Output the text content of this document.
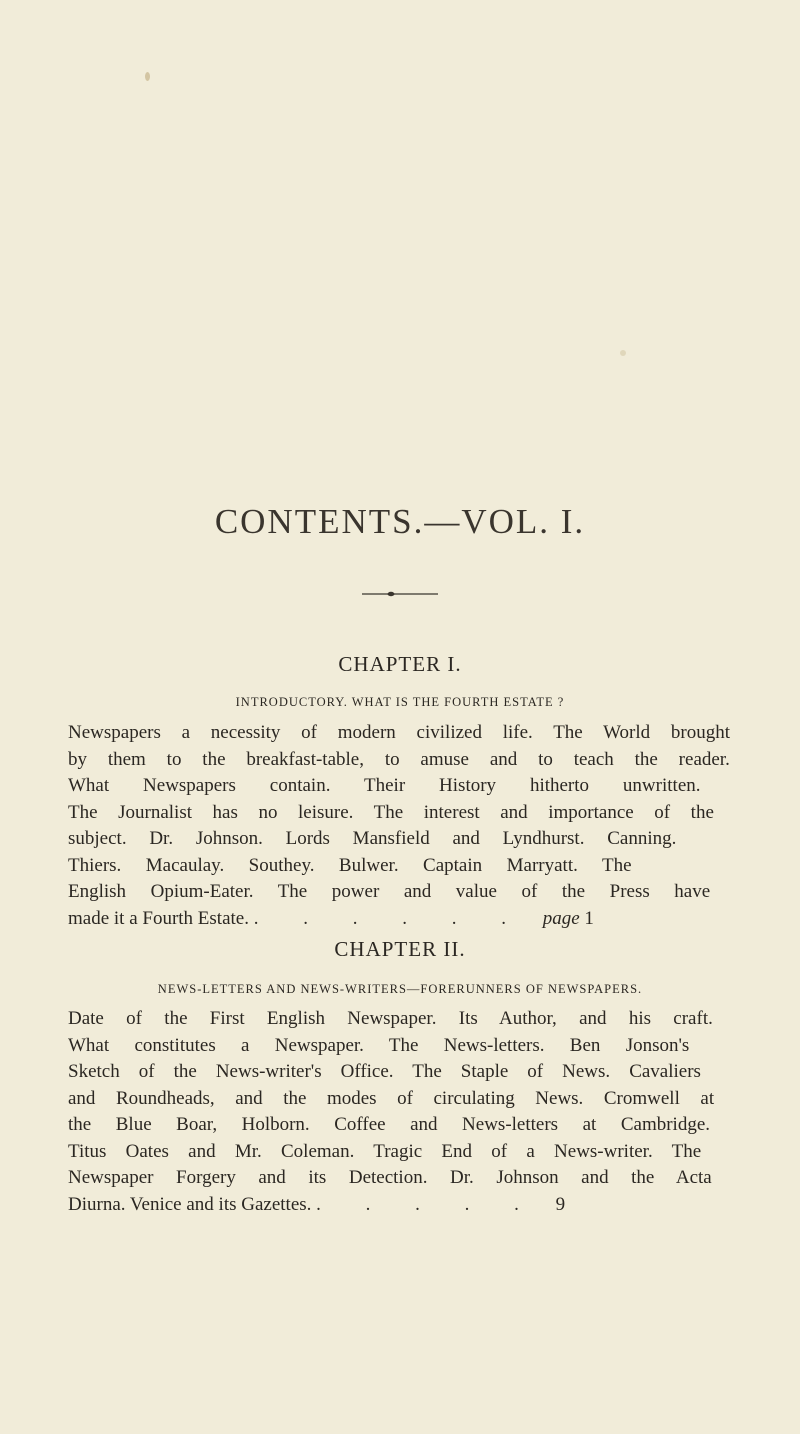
CONTENTS.—VOL. I.
CHAPTER I.
INTRODUCTORY. WHAT IS THE FOURTH ESTATE ?
Newspapers a necessity of modern civilized life. The World brought
by them to the breakfast-table, to amuse and to teach the reader.
What Newspapers contain. Their History hitherto unwritten.
The Journalist has no leisure. The interest and importance of the
subject. Dr. Johnson. Lords Mansfield and Lyndhurst. Canning.
Thiers. Macaulay. Southey. Bulwer. Captain Marryatt. The
English Opium-Eater. The power and value of the Press have
made it a Fourth Estate. . . . . . . page 1
CHAPTER II.
NEWS-LETTERS AND NEWS-WRITERS—FORERUNNERS OF NEWSPAPERS.
Date of the First English Newspaper. Its Author, and his craft.
What constitutes a Newspaper. The News-letters. Ben Jonson's
Sketch of the News-writer's Office. The Staple of News. Cavaliers
and Roundheads, and the modes of circulating News. Cromwell at
the Blue Boar, Holborn. Coffee and News-letters at Cambridge.
Titus Oates and Mr. Coleman. Tragic End of a News-writer. The
Newspaper Forgery and its Detection. Dr. Johnson and the Acta
Diurna. Venice and its Gazettes. . . . . . 9
